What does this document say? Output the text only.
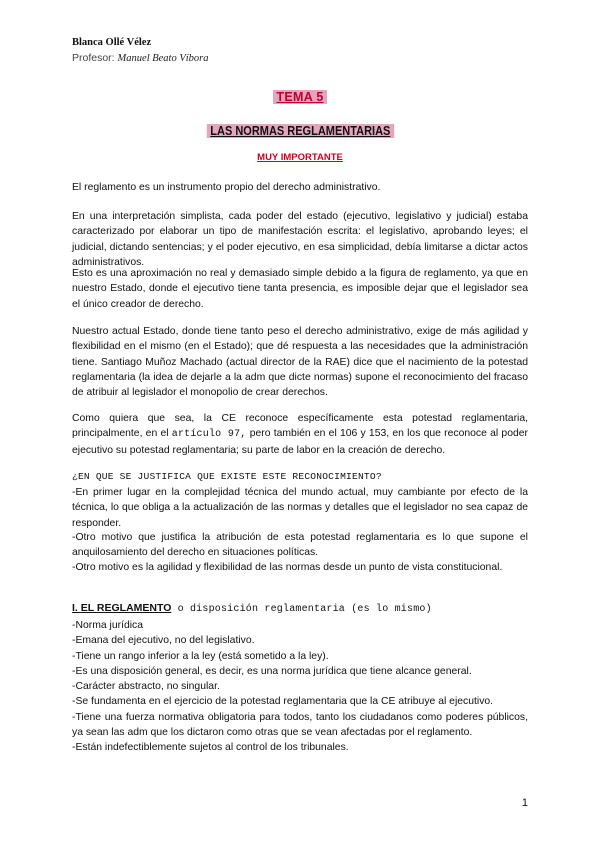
Blanca Ollé Vélez
Profesor: Manuel Beato Víbora
TEMA 5
LAS NORMAS REGLAMENTARIAS
MUY IMPORTANTE

El reglamento es un instrumento propio del derecho administrativo.

En una interpretación simplista, cada poder del estado (ejecutivo, legislativo y judicial) estaba caracterizado por elaborar un tipo de manifestación escrita: el legislativo, aprobando leyes; el judicial, dictando sentencias; y el poder ejecutivo, en esa simplicidad, debía limitarse a dictar actos administrativos.

Esto es una aproximación no real y demasiado simple debido a la figura de reglamento, ya que en nuestro Estado, donde el ejecutivo tiene tanta presencia, es imposible dejar que el legislador sea el único creador de derecho.

Nuestro actual Estado, donde tiene tanto peso el derecho administrativo, exige de más agilidad y flexibilidad en el mismo (en el Estado); que dé respuesta a las necesidades que la administración tiene. Santiago Muñoz Machado (actual director de la RAE) dice que el nacimiento de la potestad reglamentaria (la idea de dejarle a la adm que dicte normas) supone el reconocimiento del fracaso de atribuir al legislador el monopolio de crear derechos.

Como quiera que sea, la CE reconoce específicamente esta potestad reglamentaria, principalmente, en el artículo 97, pero también en el 106 y 153, en los que reconoce al poder ejecutivo su potestad reglamentaria; su parte de labor en la creación de derecho.

¿EN QUE SE JUSTIFICA QUE EXISTE ESTE RECONOCIMIENTO?

-En primer lugar en la complejidad técnica del mundo actual, muy cambiante por efecto de la técnica, lo que obliga a la actualización de las normas y detalles que el legislador no sea capaz de responder.

-Otro motivo que justifica la atribución de esta potestad reglamentaria es lo que supone el anquilosamiento del derecho en situaciones políticas.

-Otro motivo es la agilidad y flexibilidad de las normas desde un punto de vista constitucional.

I. EL REGLAMENTO o disposición reglamentaria (es lo mismo)
-Norma jurídica
-Emana del ejecutivo, no del legislativo.
-Tiene un rango inferior a la ley (está sometido a la ley).
-Es una disposición general, es decir, es una norma jurídica que tiene alcance general.
-Carácter abstracto, no singular.
-Se fundamenta en el ejercicio de la potestad reglamentaria que la CE atribuye al ejecutivo.
-Tiene una fuerza normativa obligatoria para todos, tanto los ciudadanos como poderes públicos, ya sean las adm que los dictaron como otras que se vean afectadas por el reglamento.
-Están indefectiblemente sujetos al control de los tribunales.
1
